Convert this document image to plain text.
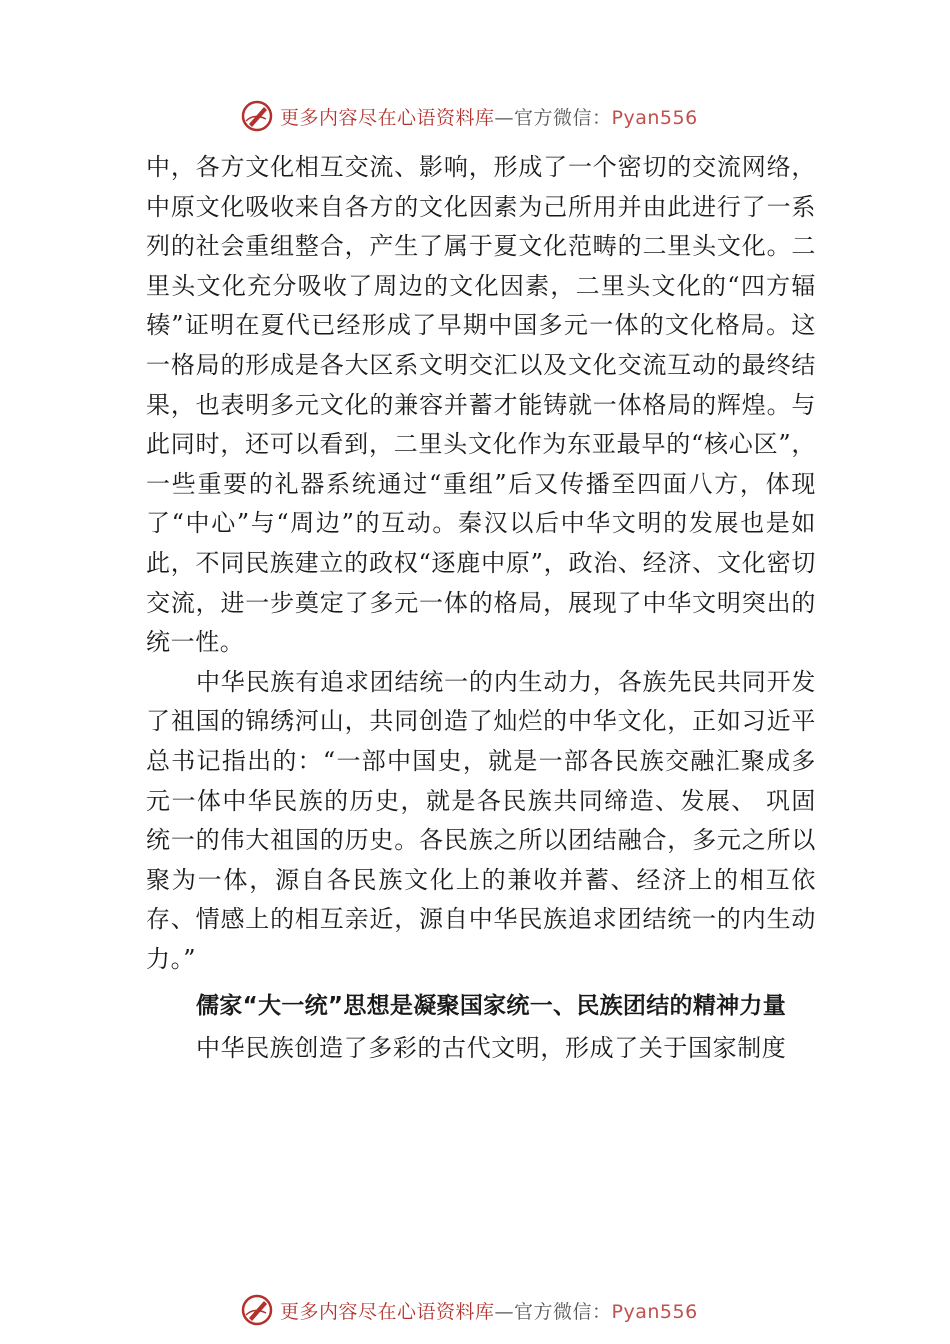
更多内容尽在心语资料库—官方微信：Pyan556

中，各方文化相互交流、影响，形成了一个密切的交流网络，中原文化吸收来自各方的文化因素为己所用并由此进行了一系列的社会重组整合，产生了属于夏文化范畴的二里头文化。二里头文化充分吸收了周边的文化因素，二里头文化的“四方辐辏”证明在夏代已经形成了早期中国多元一体的文化格局。这一格局的形成是各大区系文明交汇以及文化交流互动的最终结果，也表明多元文化的兼容并蓄才能铸就一体格局的辉煌。与此同时，还可以看到，二里头文化作为东亚最早的“核心区”，一些重要的礼器系统通过“重组”后又传播至四面八方，体现了“中心”与“周边”的互动。秦汉以后中华文明的发展也是如此，不同民族建立的政权“逐鹿中原”，政治、经济、文化密切交流，进一步奠定了多元一体的格局，展现了中华文明突出的统一性。

中华民族有追求团结统一的内生动力，各族先民共同开发了祖国的锦绣河山，共同创造了灿烂的中华文化，正如习近平总书记指出的：“一部中国史，就是一部各民族交融汇聚成多元一体中华民族的历史，就是各民族共同缔造、发展、 巩固统一的伟大祖国的历史。各民族之所以团结融合，多元之所以聚为一体，源自各民族文化上的兼收并蓄、经济上的相互依存、情感上的相互亲近，源自中华民族追求团结统一的内生动力。”

儒家“大一统”思想是凝聚国家统一、民族团结的精神力量

中华民族创造了多彩的古代文明，形成了关于国家制度

更多内容尽在心语资料库—官方微信：Pyan556
